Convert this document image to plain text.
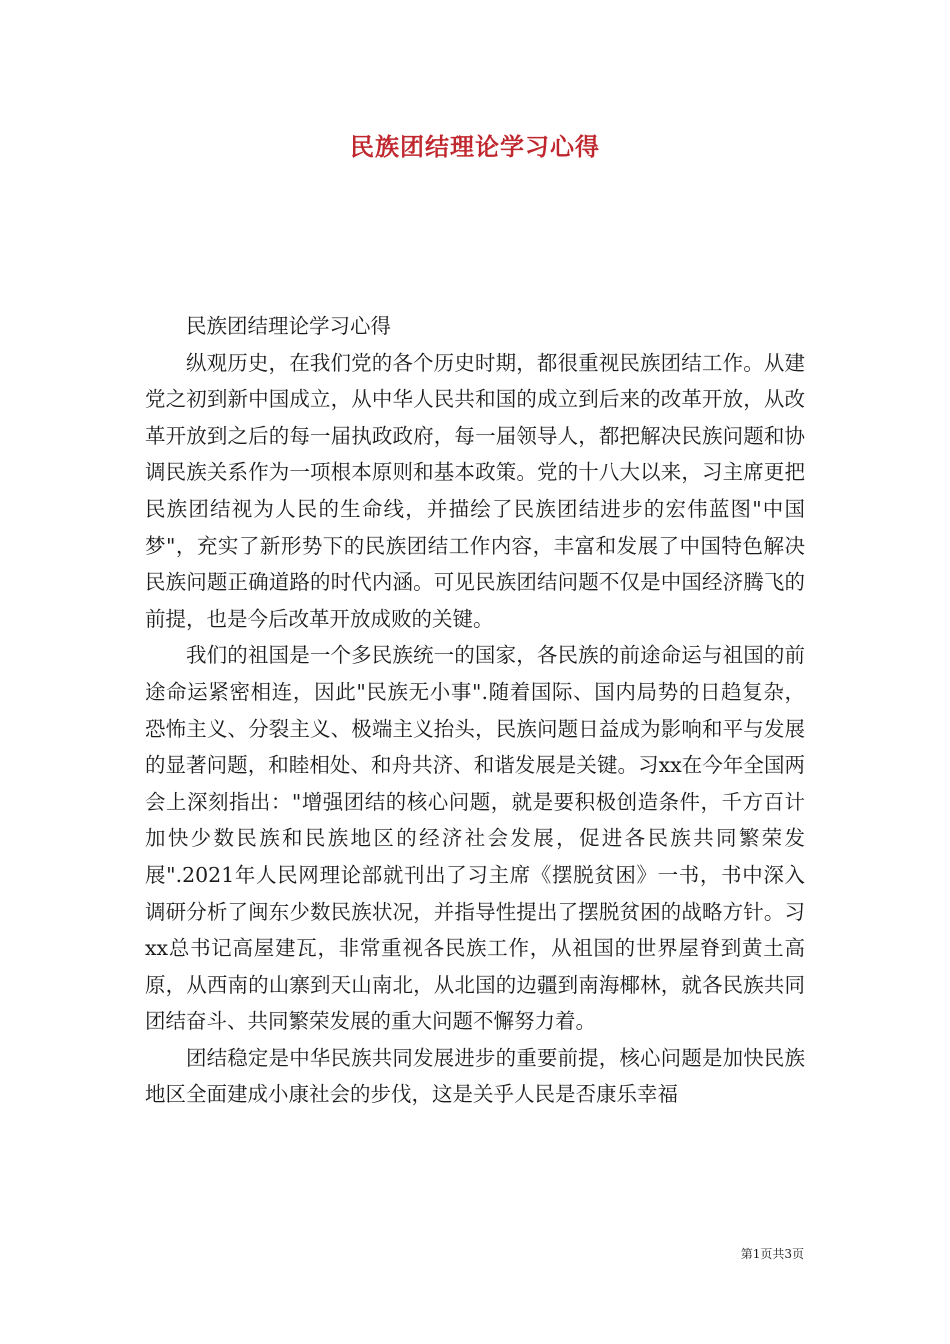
民族团结理论学习心得

民族团结理论学习心得

纵观历史，在我们党的各个历史时期，都很重视民族团结工作。从建党之初到新中国成立，从中华人民共和国的成立到后来的改革开放，从改革开放到之后的每一届执政政府，每一届领导人，都把解决民族问题和协调民族关系作为一项根本原则和基本政策。党的十八大以来，习主席更把民族团结视为人民的生命线，并描绘了民族团结进步的宏伟蓝图"中国梦"，充实了新形势下的民族团结工作内容，丰富和发展了中国特色解决民族问题正确道路的时代内涵。可见民族团结问题不仅是中国经济腾飞的前提，也是今后改革开放成败的关键。

我们的祖国是一个多民族统一的国家，各民族的前途命运与祖国的前途命运紧密相连，因此"民族无小事".随着国际、国内局势的日趋复杂，恐怖主义、分裂主义、极端主义抬头，民族问题日益成为影响和平与发展的显著问题，和睦相处、和舟共济、和谐发展是关键。习xx在今年全国两会上深刻指出："增强团结的核心问题，就是要积极创造条件，千方百计加快少数民族和民族地区的经济社会发展，促进各民族共同繁荣发展".2021年人民网理论部就刊出了习主席《摆脱贫困》一书，书中深入调研分析了闽东少数民族状况，并指导性提出了摆脱贫困的战略方针。习xx总书记高屋建瓦，非常重视各民族工作，从祖国的世界屋脊到黄土高原，从西南的山寨到天山南北，从北国的边疆到南海椰林，就各民族共同团结奋斗、共同繁荣发展的重大问题不懈努力着。

团结稳定是中华民族共同发展进步的重要前提，核心问题是加快民族地区全面建成小康社会的步伐，这是关乎人民是否康乐幸福

第1页共3页
